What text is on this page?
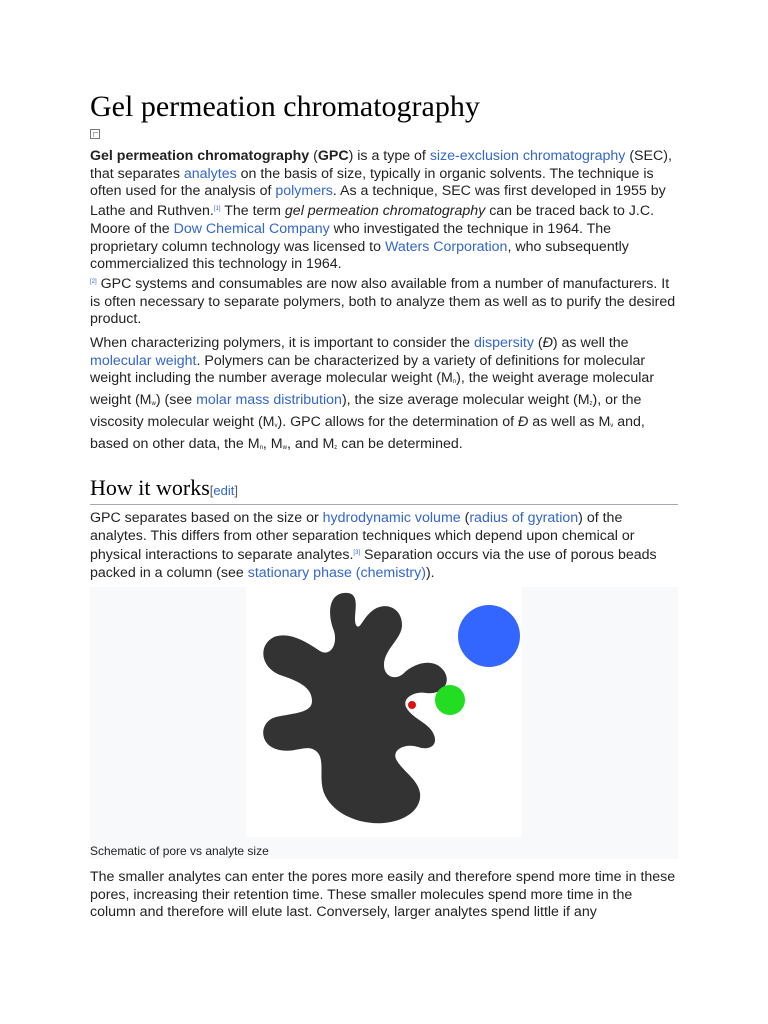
Gel permeation chromatography

Gel permeation chromatography (GPC) is a type of size-exclusion chromatography (SEC), that separates analytes on the basis of size, typically in organic solvents. The technique is often used for the analysis of polymers. As a technique, SEC was first developed in 1955 by Lathe and Ruthven.[1] The term gel permeation chromatography can be traced back to J.C. Moore of the Dow Chemical Company who investigated the technique in 1964. The proprietary column technology was licensed to Waters Corporation, who subsequently commercialized this technology in 1964.
[2] GPC systems and consumables are now also available from a number of manufacturers. It is often necessary to separate polymers, both to analyze them as well as to purify the desired product.

When characterizing polymers, it is important to consider the dispersity (Đ) as well the molecular weight. Polymers can be characterized by a variety of definitions for molecular weight including the number average molecular weight $(M_n)$, the weight average molecular weight $(M_w)$ (see molar mass distribution), the size average molecular weight $(M_z)$, or the viscosity molecular weight $(M_v)$. GPC allows for the determination of Đ as well as $M_v$ and, based on other data, the $M_n$, $M_w$, and $M_z$ can be determined.

How it works[edit]

GPC separates based on the size or hydrodynamic volume (radius of gyration) of the analytes. This differs from other separation techniques which depend upon chemical or physical interactions to separate analytes.[3] Separation occurs via the use of porous beads packed in a column (see stationary phase (chemistry)).

Schematic of pore vs analyte size

The smaller analytes can enter the pores more easily and therefore spend more time in these pores, increasing their retention time. These smaller molecules spend more time in the column and therefore will elute last. Conversely, larger analytes spend little if any
